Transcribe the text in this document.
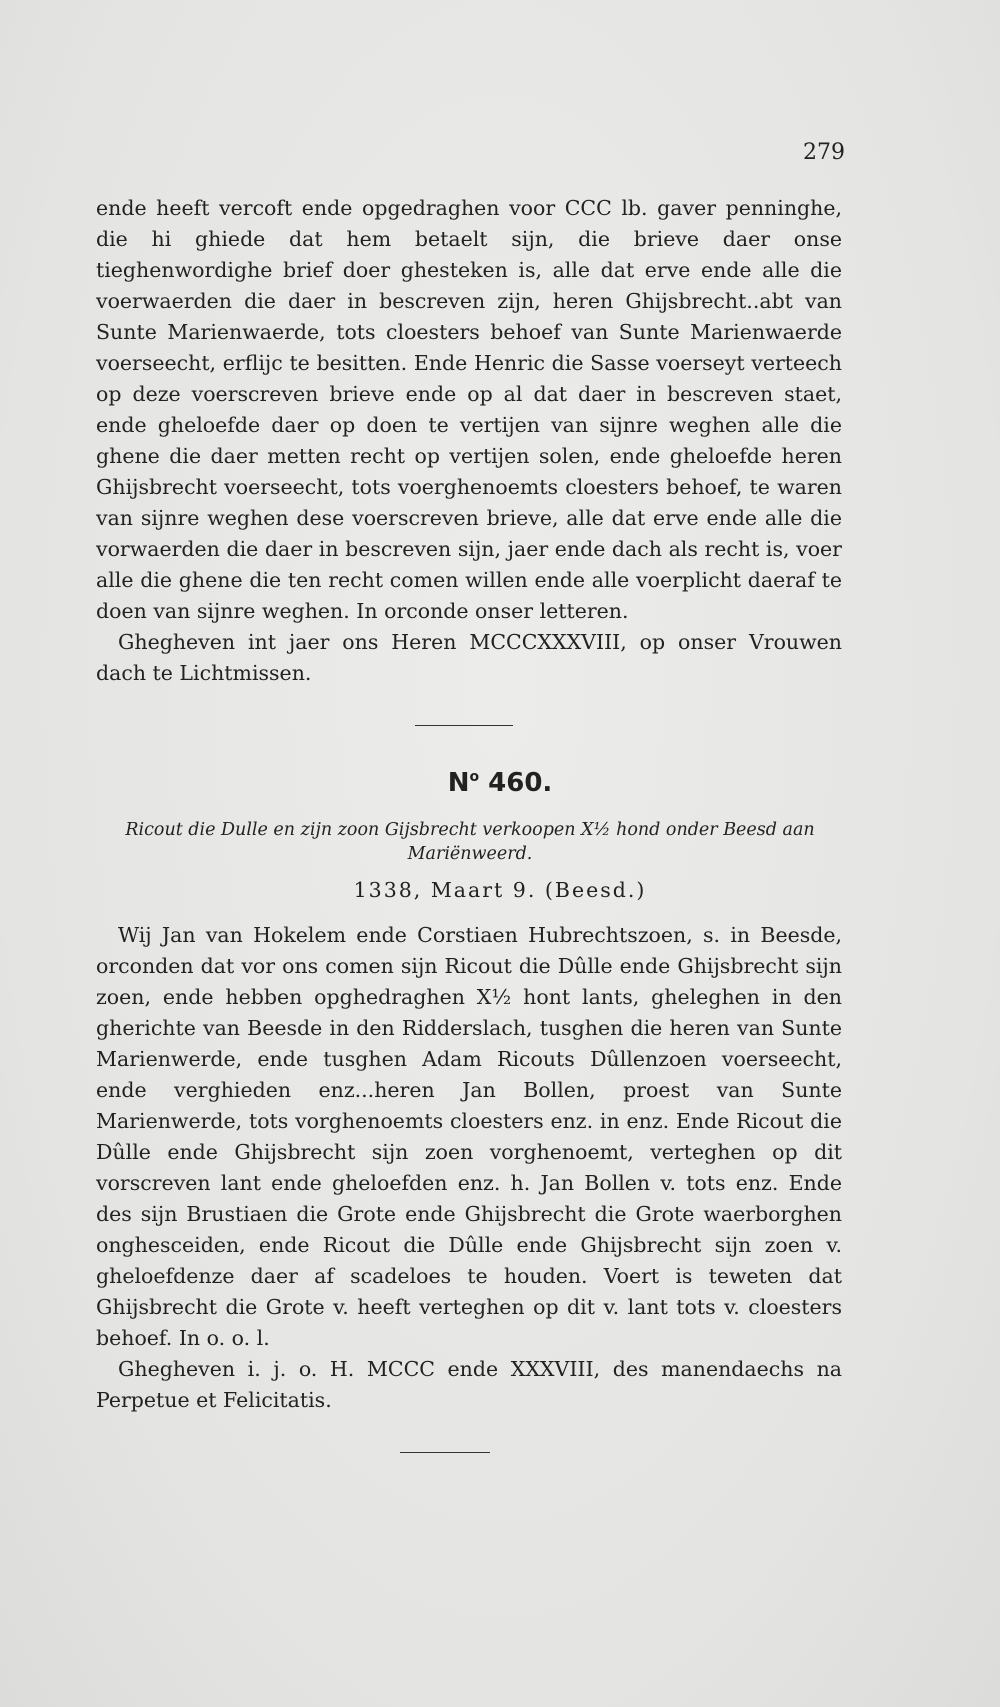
279

ende heeft vercoft ende opgedraghen voor CCC lb. gaver penninghe, die hi ghiede dat hem betaelt sijn, die brieve daer onse tieghenwordighe brief doer ghesteken is, alle dat erve ende alle die voerwaerden die daer in bescreven zijn, heren Ghijsbrecht..abt van Sunte Marienwaerde, tots cloesters behoef van Sunte Marienwaerde voerseecht, erflijc te besitten. Ende Henric die Sasse voerseyt verteech op deze voerscreven brieve ende op al dat daer in bescreven staet, ende gheloefde daer op doen te vertijen van sijnre weghen alle die ghene die daer metten recht op vertijen solen, ende gheloefde heren Ghijsbrecht voerseecht, tots voerghenoemts cloesters behoef, te waren van sijnre weghen dese voerscreven brieve, alle dat erve ende alle die vorwaerden die daer in bescreven sijn, jaer ende dach als recht is, voer alle die ghene die ten recht comen willen ende alle voerplicht daeraf te doen van sijnre weghen. In orconde onser letteren.

Ghegheven int jaer ons Heren MCCCXXXVIII, op onser Vrouwen dach te Lichtmissen.

$N^o$ 460.
Ricout die Dulle en zijn zoon Gijsbrecht verkoopen X½ hond onder Beesd aan Mariënweerd.
1338, Maart 9. (Beesd.)

Wij Jan van Hokelem ende Corstiaen Hubrechtszoen, s. in Beesde, orconden dat vor ons comen sijn Ricout die Dûlle ende Ghijsbrecht sijn zoen, ende hebben opghedraghen X½ hont lants, gheleghen in den gherichte van Beesde in den Ridderslach, tusghen die heren van Sunte Marienwerde, ende tusghen Adam Ricouts Dûllenzoen voerseecht, ende verghieden enz...heren Jan Bollen, proest van Sunte Marienwerde, tots vorghenoemts cloesters enz. in enz. Ende Ricout die Dûlle ende Ghijsbrecht sijn zoen vorghenoemt, verteghen op dit vorscreven lant ende gheloefden enz. h. Jan Bollen v. tots enz. Ende des sijn Brustiaen die Grote ende Ghijsbrecht die Grote waerborghen onghesceiden, ende Ricout die Dûlle ende Ghijsbrecht sijn zoen v. gheloefdenze daer af scadeloes te houden. Voert is teweten dat Ghijsbrecht die Grote v. heeft verteghen op dit v. lant tots v. cloesters behoef. In o. o. l.

Ghegheven i. j. o. H. MCCC ende XXXVIII, des manendaechs na Perpetue et Felicitatis.
